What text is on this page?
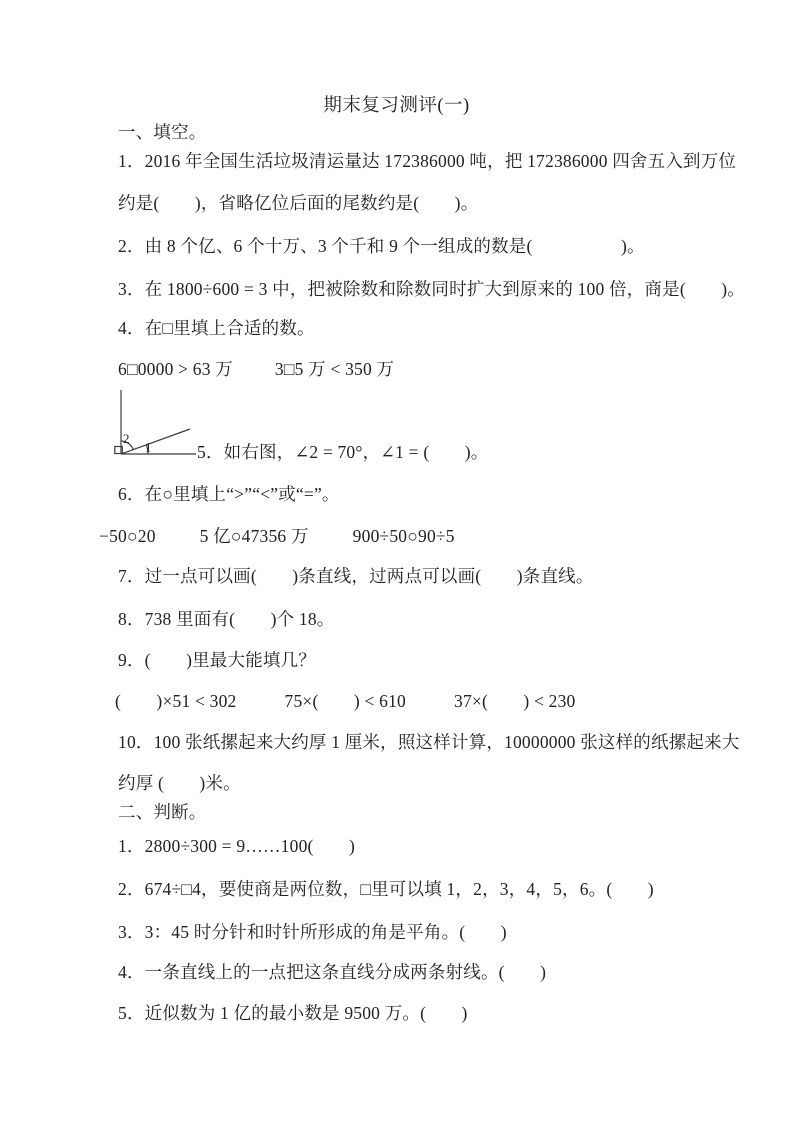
期末复习测评(一)
一、填空。
1．2016 年全国生活垃圾清运量达 172386000 吨，把 172386000 四舍五入到万位
约是(　　)，省略亿位后面的尾数约是(　　)。
2．由 8 个亿、6 个十万、3 个千和 9 个一组成的数是(　　　　　)。
3．在 1800÷600 = 3 中，把被除数和除数同时扩大到原来的 100 倍，商是(　　)。
4．在□里填上合适的数。
6□0000 > 63 万 3□5 万 < 350 万
2
1	5．如右图，∠2 = 70°，∠1 = (　　)。
6．在○里填上“>”“<”或“=”。
−50○20	5 亿○47356 万	900÷50○90÷5
7．过一点可以画(　　)条直线，过两点可以画(　　)条直线。
8．738 里面有(　　)个 18。
9．(　　)里最大能填几？
(　　)×51 < 302	75×(　　) < 610	37×(　　) < 230
10．100 张纸摞起来大约厚 1 厘米，照这样计算，10000000 张这样的纸摞起来大
约厚 (　　)米。
二、判断。
1．2800÷300 = 9……100(　　)
2．674÷□4，要使商是两位数，□里可以填 1，2，3，4，5，6。(　　)
3．3：45 时分针和时针所形成的角是平角。(　　)
4．一条直线上的一点把这条直线分成两条射线。(　　)
5．近似数为 1 亿的最小数是 9500 万。(　　)
